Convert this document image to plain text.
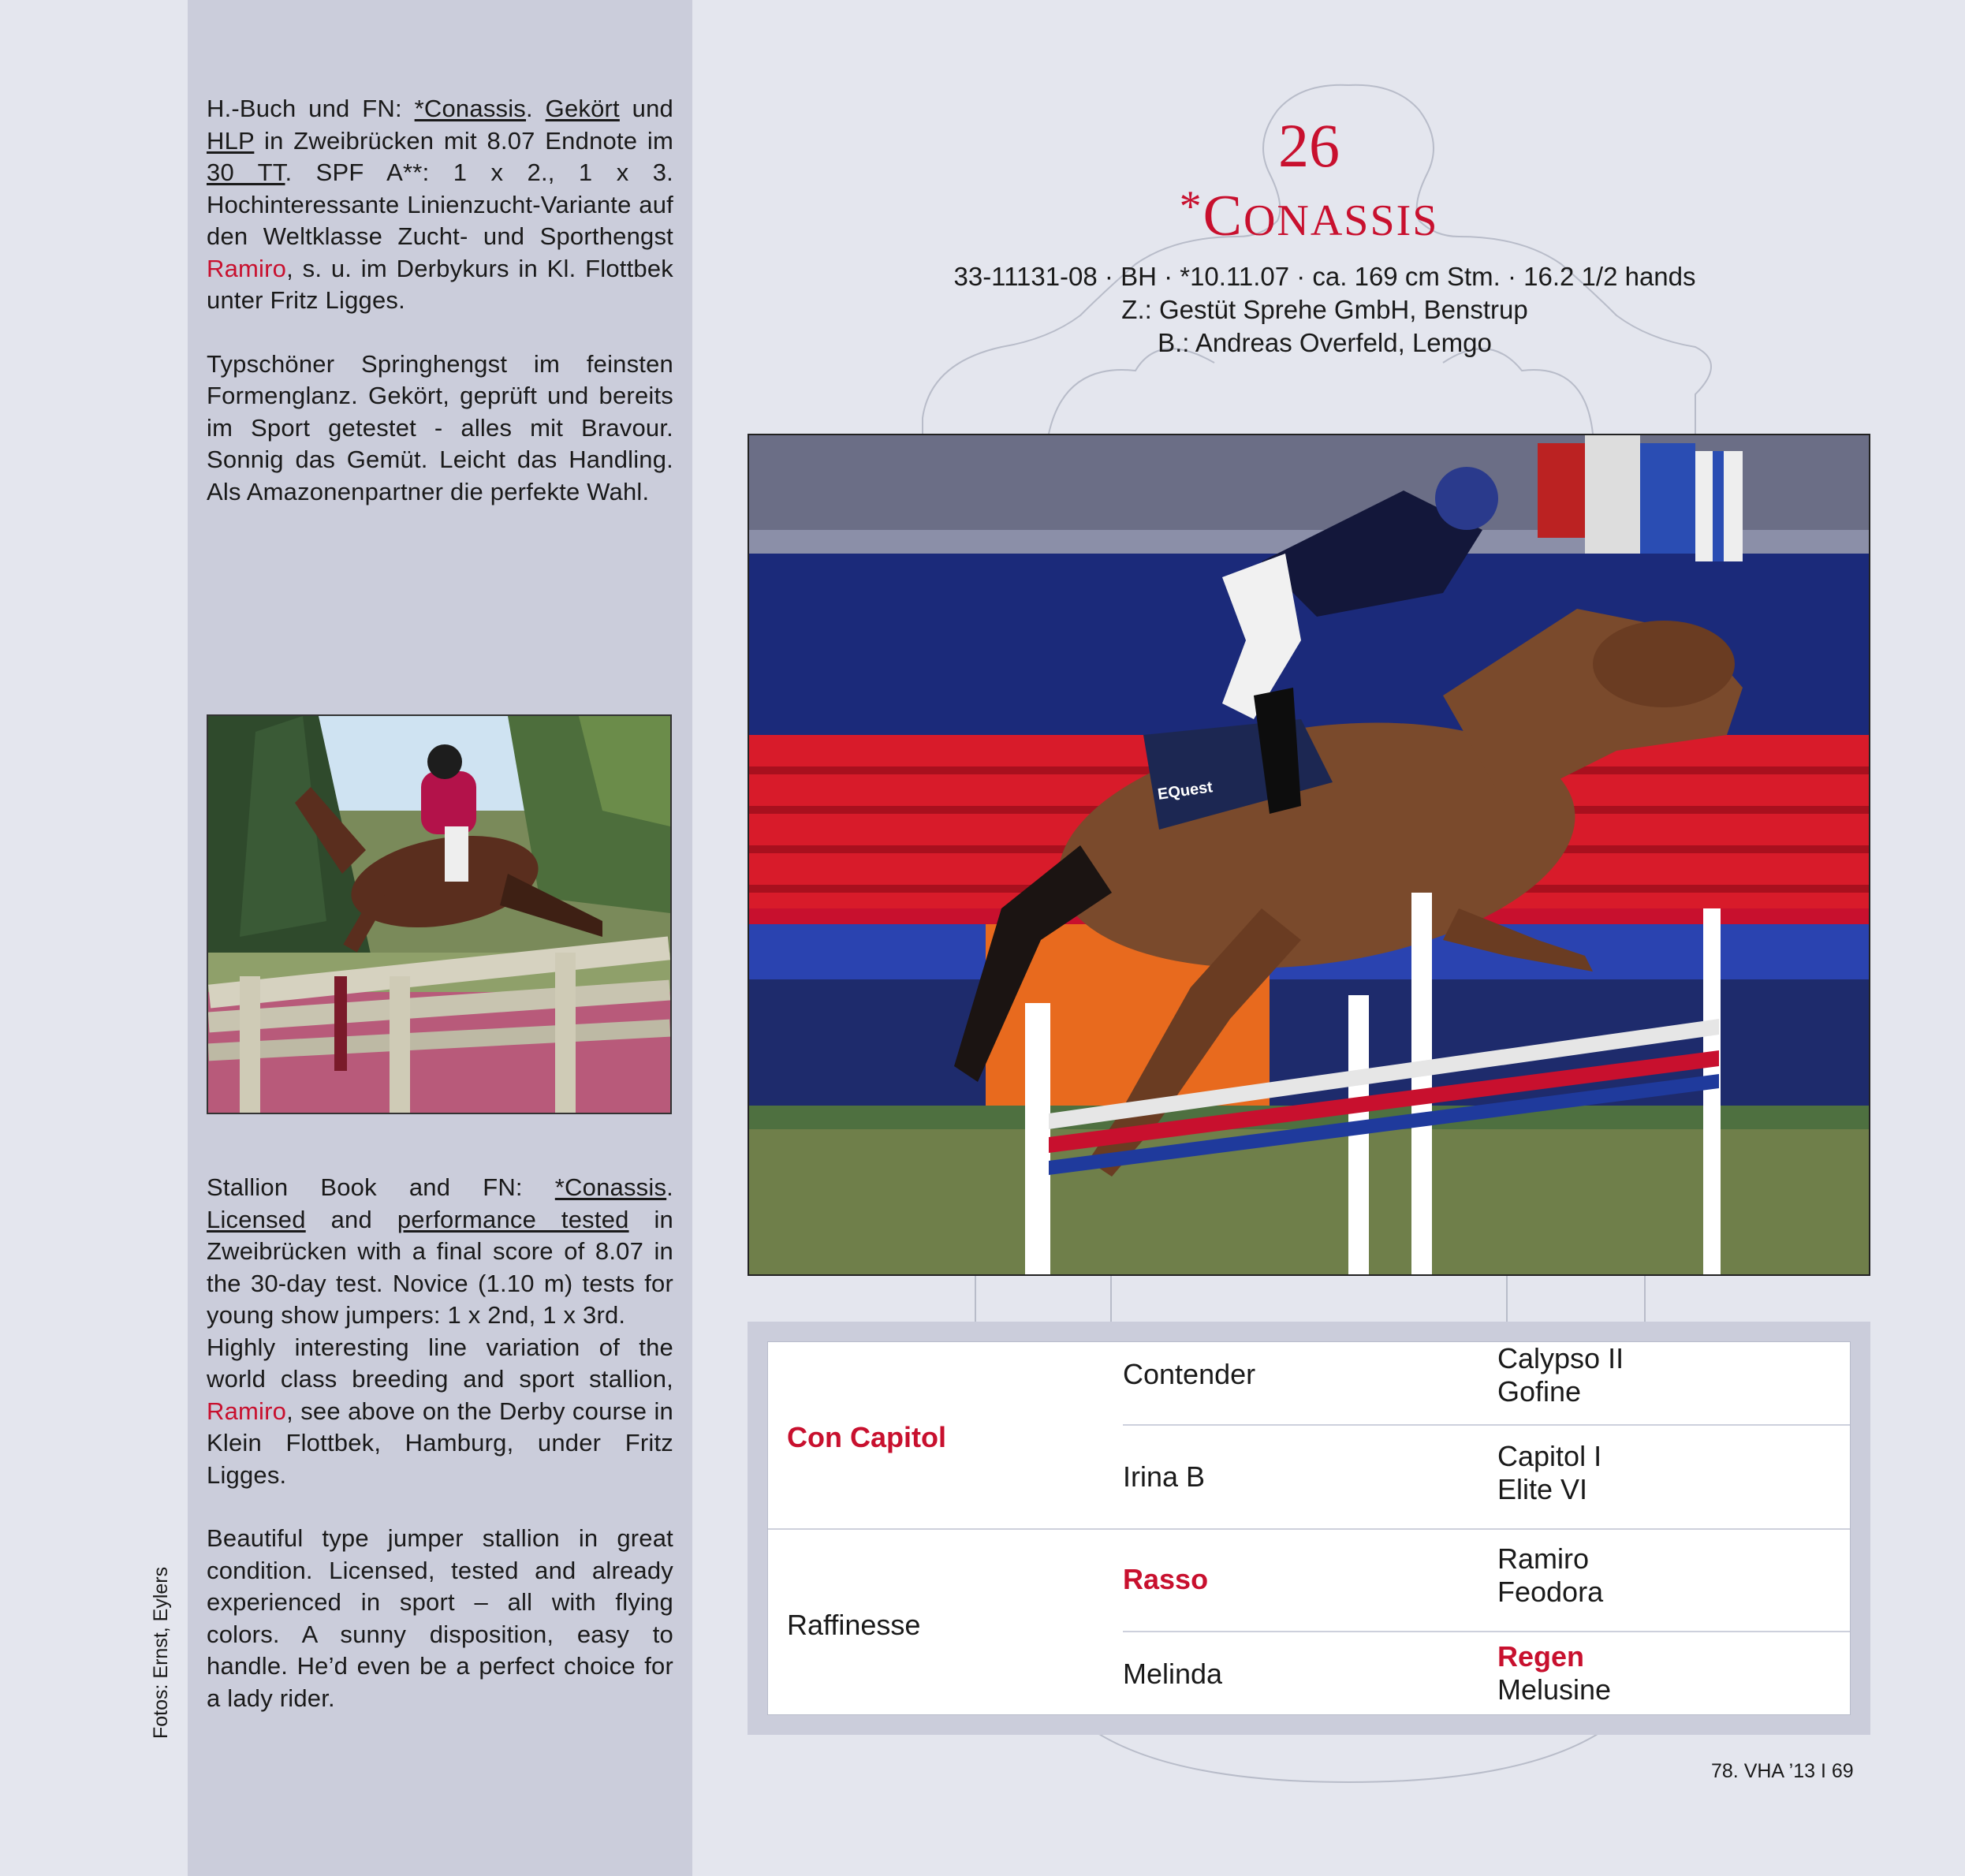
H.-Buch und FN: *Conassis. Gekört und HLP in Zweibrücken mit 8.07 Endnote im 30 TT. SPF A**: 1 x 2., 1 x 3. Hochinteressante Linienzucht-Variante auf den Weltklasse Zucht- und Sporthengst Ramiro, s. u. im Derbykurs in Kl. Flottbek unter Fritz Ligges.

Typschöner Springhengst im feinsten Formenglanz. Gekört, geprüft und bereits im Sport getestet - alles mit Bravour. Sonnig das Gemüt. Leicht das Handling. Als Amazonenpartner die perfekte Wahl.

Stallion Book and FN: *Conassis. Licensed and performance tested in Zweibrücken with a final score of 8.07 in the 30-day test. Novice (1.10 m) tests for young show jumpers: 1 x 2nd, 1 x 3rd.

Highly interesting line variation of the world class breeding and sport stallion, Ramiro, see above on the Derby course in Klein Flottbek, Hamburg, under Fritz Ligges.

Beautiful type jumper stallion in great condition. Licensed, tested and already experienced in sport – all with flying colors. A sunny disposition, easy to handle. He’d even be a perfect choice for a lady rider.

Fotos: Ernst, Eylers
26
*CONASSIS
33-11131-08 · BH · *10.11.07 · ca. 169 cm Stm. · 16.2 1/2 hands
Z.: Gestüt Sprehe GmbH, Benstrup
B.: Andreas Overfeld, Lemgo
EQuest
Con Capitol
Raffinesse
Contender
Irina B
Rasso
Melinda
Calypso II
Gofine
Capitol I
Elite VI
Ramiro
Feodora
Regen
Melusine
78. VHA ’13 I 69
